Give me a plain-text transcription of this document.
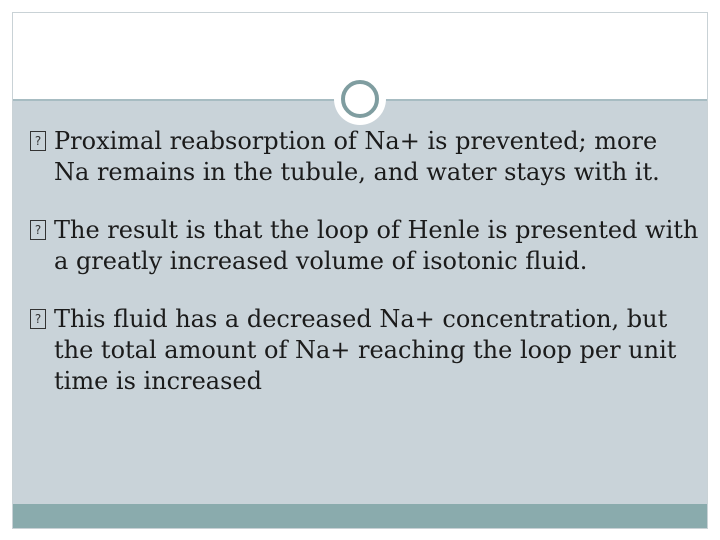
? Proximal reabsorption of Na+ is prevented; more Na remains in the tubule, and water stays with it.
? The result is that the loop of Henle is presented with a greatly increased volume of isotonic fluid.
? This fluid has a decreased Na+ concentration, but the total amount of Na+ reaching the loop per unit time is increased
